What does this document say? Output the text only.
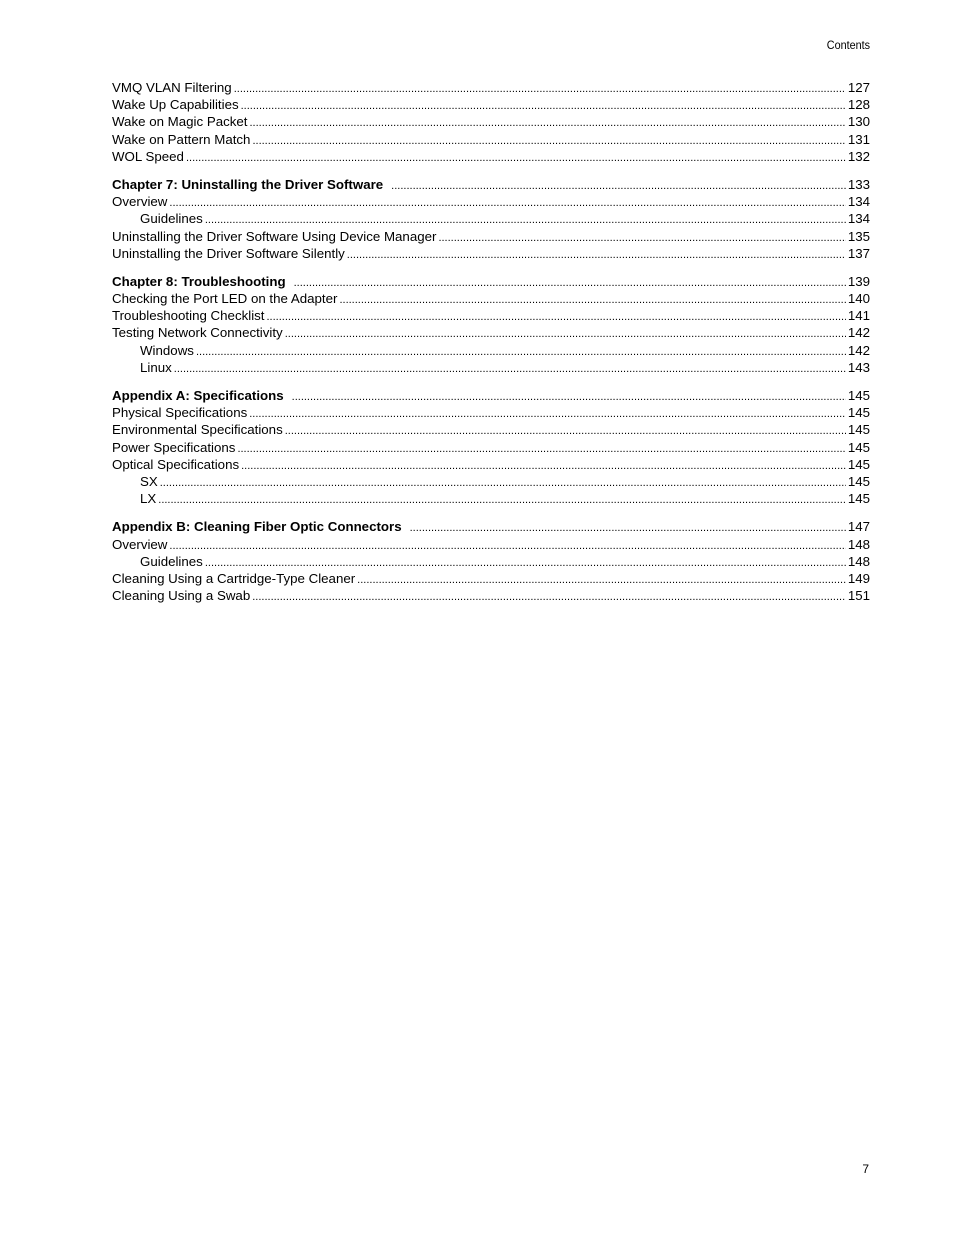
Contents
VMQ VLAN Filtering .....	127
Wake Up Capabilities .....	128
Wake on Magic Packet .....	130
Wake on Pattern Match .....	131
WOL Speed .....	132
Chapter 7: Uninstalling the Driver Software .....	133
Overview .....	134
Guidelines .....	134
Uninstalling the Driver Software Using Device Manager .....	135
Uninstalling the Driver Software Silently .....	137
Chapter 8: Troubleshooting .....	139
Checking the Port LED on the Adapter .....	140
Troubleshooting Checklist .....	141
Testing Network Connectivity .....	142
Windows .....	142
Linux .....	143
Appendix A: Specifications .....	145
Physical Specifications .....	145
Environmental Specifications .....	145
Power Specifications .....	145
Optical Specifications .....	145
SX .....	145
LX .....	145
Appendix B: Cleaning Fiber Optic Connectors .....	147
Overview .....	148
Guidelines .....	148
Cleaning Using a Cartridge-Type Cleaner .....	149
Cleaning Using a Swab .....	151
7
